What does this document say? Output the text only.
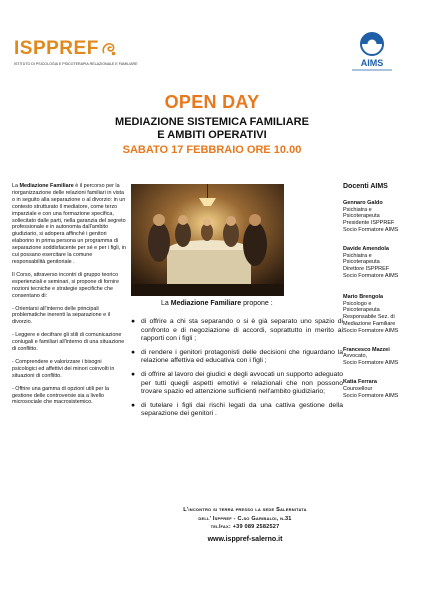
ISPPREF
ISTITUTO DI PSICOLOGIA E PSICOTERAPIA RELAZIONALE E FAMILIARE	AIMS
OPEN DAY
MEDIAZIONE SISTEMICA FAMILIARE
E AMBITI OPERATIVI
SABATO 17 FEBBRAIO ORE 10.00

La Mediazione Familiare è il percorso per la riorganizzazione delle relazioni familiari in vista o in seguito alla separazione o al divorzio: in un contesto strutturato il mediatore, come terzo imparziale e con una formazione specifica, sollecitato dalle parti, nella garanzia del segreto professionale e in autonomia dall'ambito giudiziario, si adopera affinché i genitori elaborino in prima persona un programma di separazione soddisfacente per sé e per i figli, in cui possano esercitare la comune responsabilità genitoriale .

Il Corso, attraverso incontri di gruppo teorico esperienziali e seminari, si propone di fornire nozioni tecniche e strategie specifiche che consentano di:

- Orientarsi all'interno delle principali problematiche inerenti la separazione e il divorzio.

- Leggere e decifrare gli stili di comunicazione coniugali e familiari all'interno di una situazione di conflitto.

- Comprendere e valorizzare i bisogni psicologici ed affettivi dei minori coinvolti in situazioni di conflitto.

- Offrire una gamma di opzioni utili per la gestione delle controversie sia a livello microsociale che macrosistemico.

La Mediazione Familiare propone :
● di offrire a chi sta separando o si è già separato uno spazio di confronto e di negoziazione di accordi, soprattutto in merito ai rapporti con i figli ;
● di rendere i genitori protagonisti delle decisioni che riguardano la relazione affettiva ed educativa con i figli ;
● di offrire al lavoro dei giudici e degli avvocati un supporto adeguato per tutti quegli aspetti emotivi e relazionali che non possono trovare spazio ed attenzione sufficienti nell'ambito giudiziario;
● di tutelare i figli dai rischi legati da una cattiva gestione della separazione dei genitori .
Docenti AIMS
Gennaro Galdo
Psichiatra e
Psicoterapeuta
Presidente ISPPREF
Socio Formatore AIMS
Davide Amendola
Psichiatra e
Psicoterapeuta
Direttore ISPPREF
Socio Formatore AIMS
Mario Brengola
Psicologo e
Psicoterapeuta
Responsabile Sez. di
Mediazione Familiare
Socio Formatore AIMS
Francesco Mazzei
Avvocato,
Socio Formatore AIMS
Katia Ferrara
Counsellour
Socio Formatore AIMS
L'incontro si terrà presso la sede Salernitata
dell' Isppref - C.so Garibaldi, n.31
tel/fax: +39 089 2582527
www.isppref-salerno.it
